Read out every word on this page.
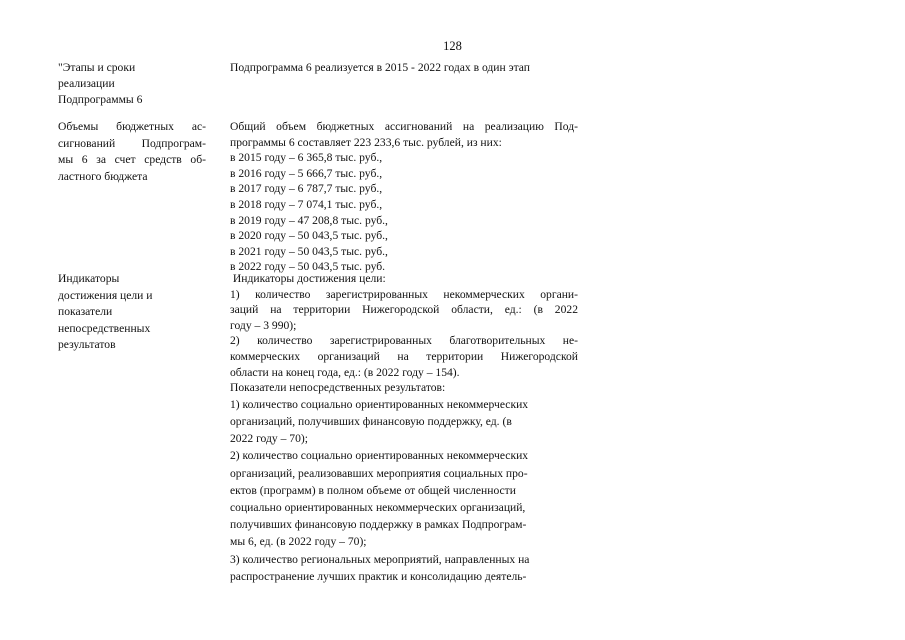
128
"Этапы и сроки
реализации
Подпрограммы 6
Подпрограмма 6 реализуется в 2015 - 2022 годах в один этап
Объемы бюджетных ас-
сигнований Подпрограм-
мы 6 за счет средств об-
ластного бюджета
Общий объем бюджетных ассигнований на реализацию Под-
программы 6 составляет 223 233,6 тыс. рублей, из них:
в 2015 году – 6 365,8 тыс. руб.,
в 2016 году – 5 666,7 тыс. руб.,
в 2017 году – 6 787,7 тыс. руб.,
в 2018 году – 7 074,1 тыс. руб.,
в 2019 году – 47 208,8 тыс. руб.,
в 2020 году – 50 043,5 тыс. руб.,
в 2021 году – 50 043,5 тыс. руб.,
в 2022 году – 50 043,5 тыс. руб.
Индикаторы
достижения цели и
показатели
непосредственных
результатов
Индикаторы достижения цели:
1) количество зарегистрированных некоммерческих органи-
заций на территории Нижегородской области, ед.: (в 2022
году – 3 990);
2) количество зарегистрированных благотворительных не-
коммерческих организаций на территории Нижегородской
области на конец года, ед.: (в 2022 году – 154).
Показатели непосредственных результатов:
1) количество социально ориентированных некоммерческих
организаций, получивших финансовую поддержку, ед. (в
2022 году – 70);
2) количество социально ориентированных некоммерческих
организаций, реализовавших мероприятия социальных про-
ектов (программ) в полном объеме от общей численности
социально ориентированных некоммерческих организаций,
получивших финансовую поддержку в рамках Подпрограм-
мы 6, ед. (в 2022 году – 70);
3) количество региональных мероприятий, направленных на
распространение лучших практик и консолидацию деятель-
